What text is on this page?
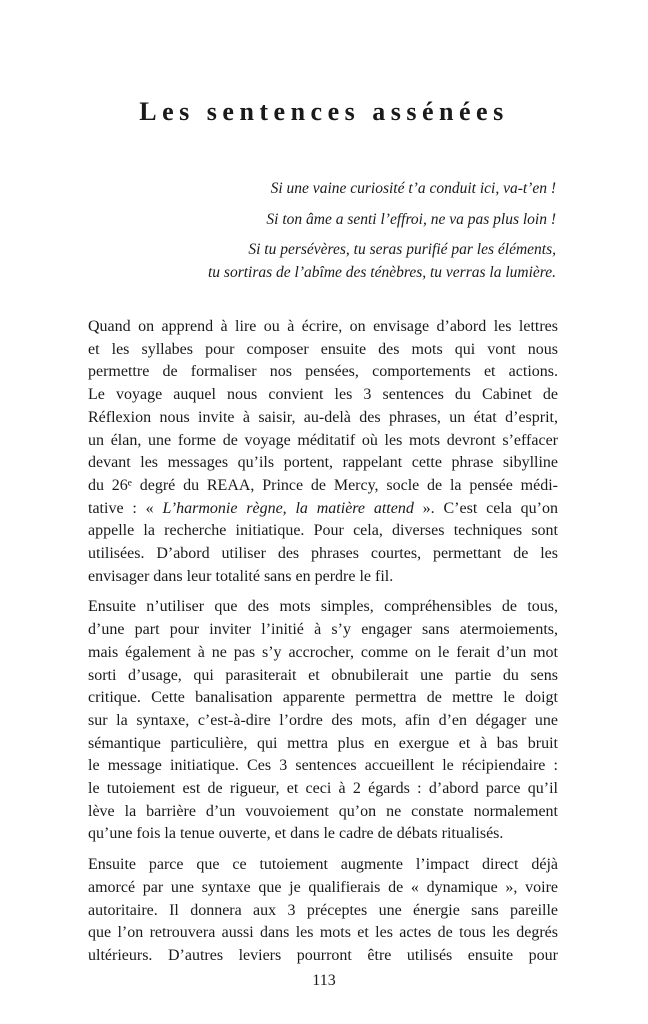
Les sentences assénées
Si une vaine curiosité t’a conduit ici, va-t’en !
Si ton âme a senti l’effroi, ne va pas plus loin !
Si tu persévères, tu seras purifié par les éléments,
tu sortiras de l’abîme des ténèbres, tu verras la lumière.

Quand on apprend à lire ou à écrire, on envisage d’abord les lettres
et les syllabes pour composer ensuite des mots qui vont nous
permettre de formaliser nos pensées, comportements et actions.
Le voyage auquel nous convient les 3 sentences du Cabinet de
Réflexion nous invite à saisir, au-delà des phrases, un état d’esprit,
un élan, une forme de voyage méditatif où les mots devront s’effacer
devant les messages qu’ils portent, rappelant cette phrase sibylline
du 26ᵉ degré du REAA, Prince de Mercy, socle de la pensée médi-
tative : « L’harmonie règne, la matière attend ». C’est cela qu’on
appelle la recherche initiatique. Pour cela, diverses techniques sont
utilisées. D’abord utiliser des phrases courtes, permettant de les
envisager dans leur totalité sans en perdre le fil.

Ensuite n’utiliser que des mots simples, compréhensibles de tous,
d’une part pour inviter l’initié à s’y engager sans atermoiements,
mais également à ne pas s’y accrocher, comme on le ferait d’un mot
sorti d’usage, qui parasiterait et obnubilerait une partie du sens
critique. Cette banalisation apparente permettra de mettre le doigt
sur la syntaxe, c’est-à-dire l’ordre des mots, afin d’en dégager une
sémantique particulière, qui mettra plus en exergue et à bas bruit
le message initiatique. Ces 3 sentences accueillent le récipiendaire :
le tutoiement est de rigueur, et ceci à 2 égards : d’abord parce qu’il
lève la barrière d’un vouvoiement qu’on ne constate normalement
qu’une fois la tenue ouverte, et dans le cadre de débats ritualisés.

Ensuite parce que ce tutoiement augmente l’impact direct déjà
amorcé par une syntaxe que je qualifierais de « dynamique », voire
autoritaire. Il donnera aux 3 préceptes une énergie sans pareille
que l’on retrouvera aussi dans les mots et les actes de tous les degrés
ultérieurs. D’autres leviers pourront être utilisés ensuite pour

113
